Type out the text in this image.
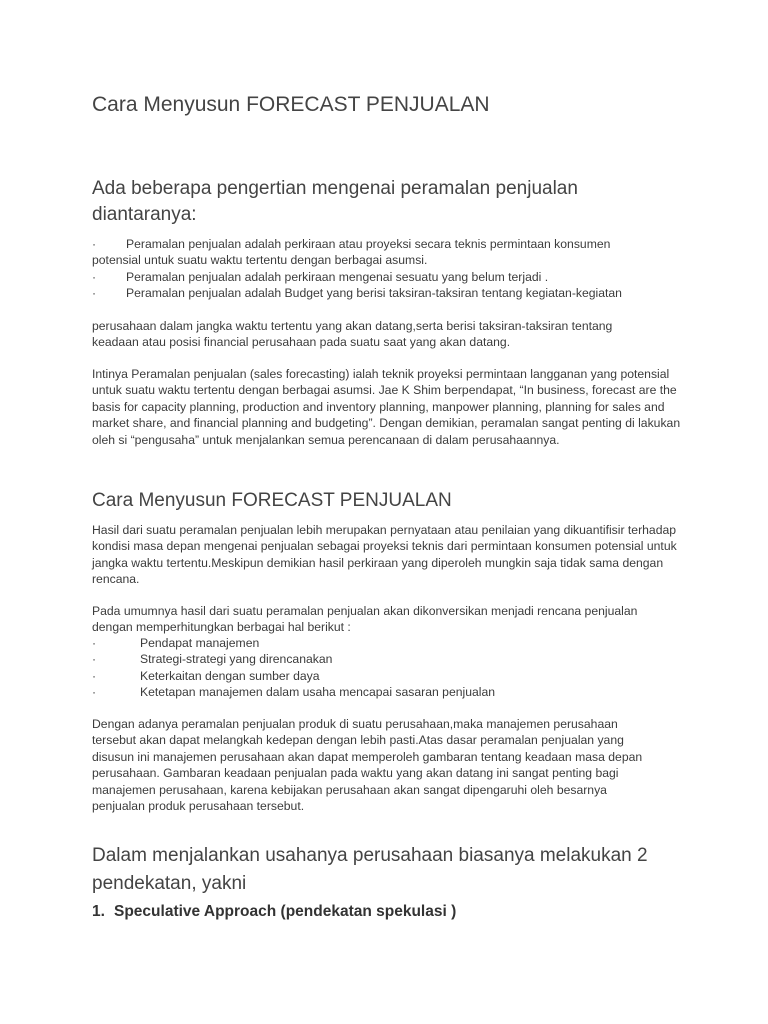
Cara Menyusun FORECAST PENJUALAN
Ada beberapa pengertian mengenai peramalan penjualan diantaranya:
·	Peramalan penjualan adalah perkiraan atau proyeksi secara teknis permintaan konsumen potensial untuk suatu waktu tertentu dengan berbagai asumsi.
·	Peramalan penjualan adalah perkiraan mengenai sesuatu yang belum terjadi .
·	Peramalan penjualan adalah Budget yang berisi taksiran-taksiran tentang kegiatan-kegiatan

perusahaan dalam jangka waktu tertentu yang akan datang,serta berisi taksiran-taksiran tentang keadaan atau posisi financial perusahaan pada suatu saat yang akan datang.

Intinya Peramalan penjualan (sales forecasting) ialah teknik proyeksi permintaan langganan yang potensial untuk suatu waktu tertentu dengan berbagai asumsi. Jae K Shim berpendapat, “In business, forecast are the basis for capacity planning, production and inventory planning, manpower planning, planning for sales and market share, and financial planning and budgeting”. Dengan demikian, peramalan sangat penting di lakukan oleh si “pengusaha” untuk menjalankan semua perencanaan di dalam perusahaannya.

Cara Menyusun FORECAST PENJUALAN

Hasil dari suatu peramalan penjualan lebih merupakan pernyataan atau penilaian yang dikuantifisir terhadap kondisi masa depan mengenai penjualan sebagai proyeksi teknis dari permintaan konsumen potensial untuk jangka waktu tertentu.Meskipun demikian hasil perkiraan yang diperoleh mungkin saja tidak sama dengan rencana.

Pada umumnya hasil dari suatu peramalan penjualan akan dikonversikan menjadi rencana penjualan dengan memperhitungkan berbagai hal berikut :

·	Pendapat manajemen
·	Strategi-strategi yang direncanakan
·	Keterkaitan dengan sumber daya
·	Ketetapan manajemen dalam usaha mencapai sasaran penjualan

Dengan adanya peramalan penjualan produk di suatu perusahaan,maka manajemen perusahaan tersebut akan dapat melangkah kedepan dengan lebih pasti.Atas dasar peramalan penjualan yang disusun ini manajemen perusahaan akan dapat memperoleh gambaran tentang keadaan masa depan perusahaan. Gambaran keadaan penjualan pada waktu yang akan datang ini sangat penting bagi manajemen perusahaan, karena kebijakan perusahaan akan sangat dipengaruhi oleh besarnya penjualan produk perusahaan tersebut.

Dalam menjalankan usahanya perusahaan biasanya melakukan 2 pendekatan, yakni
1. Speculative Approach (pendekatan spekulasi )
